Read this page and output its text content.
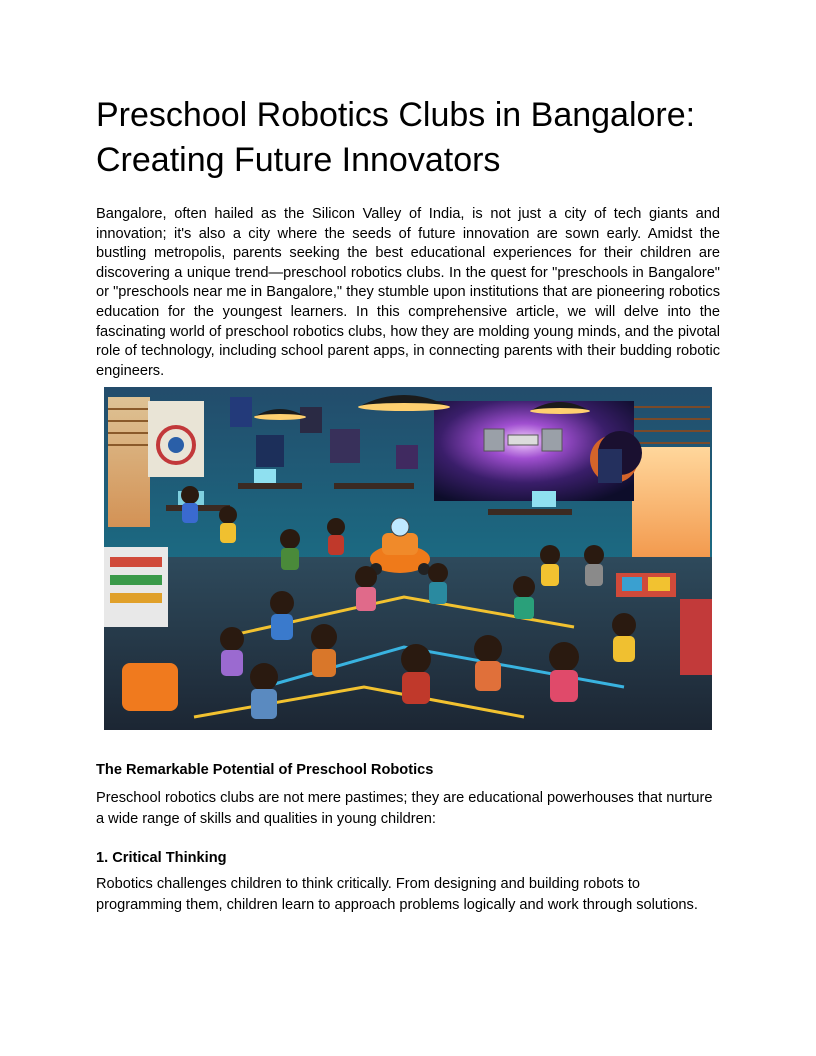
Preschool Robotics Clubs in Bangalore: Creating Future Innovators

Bangalore, often hailed as the Silicon Valley of India, is not just a city of tech giants and innovation; it's also a city where the seeds of future innovation are sown early. Amidst the bustling metropolis, parents seeking the best educational experiences for their children are discovering a unique trend—preschool robotics clubs. In the quest for "preschools in Bangalore" or "preschools near me in Bangalore," they stumble upon institutions that are pioneering robotics education for the youngest learners. In this comprehensive article, we will delve into the fascinating world of preschool robotics clubs, how they are molding young minds, and the pivotal role of technology, including school parent apps, in connecting parents with their budding robotic engineers.

The Remarkable Potential of Preschool Robotics

Preschool robotics clubs are not mere pastimes; they are educational powerhouses that nurture a wide range of skills and qualities in young children:

1. Critical Thinking

Robotics challenges children to think critically. From designing and building robots to programming them, children learn to approach problems logically and work through solutions.
